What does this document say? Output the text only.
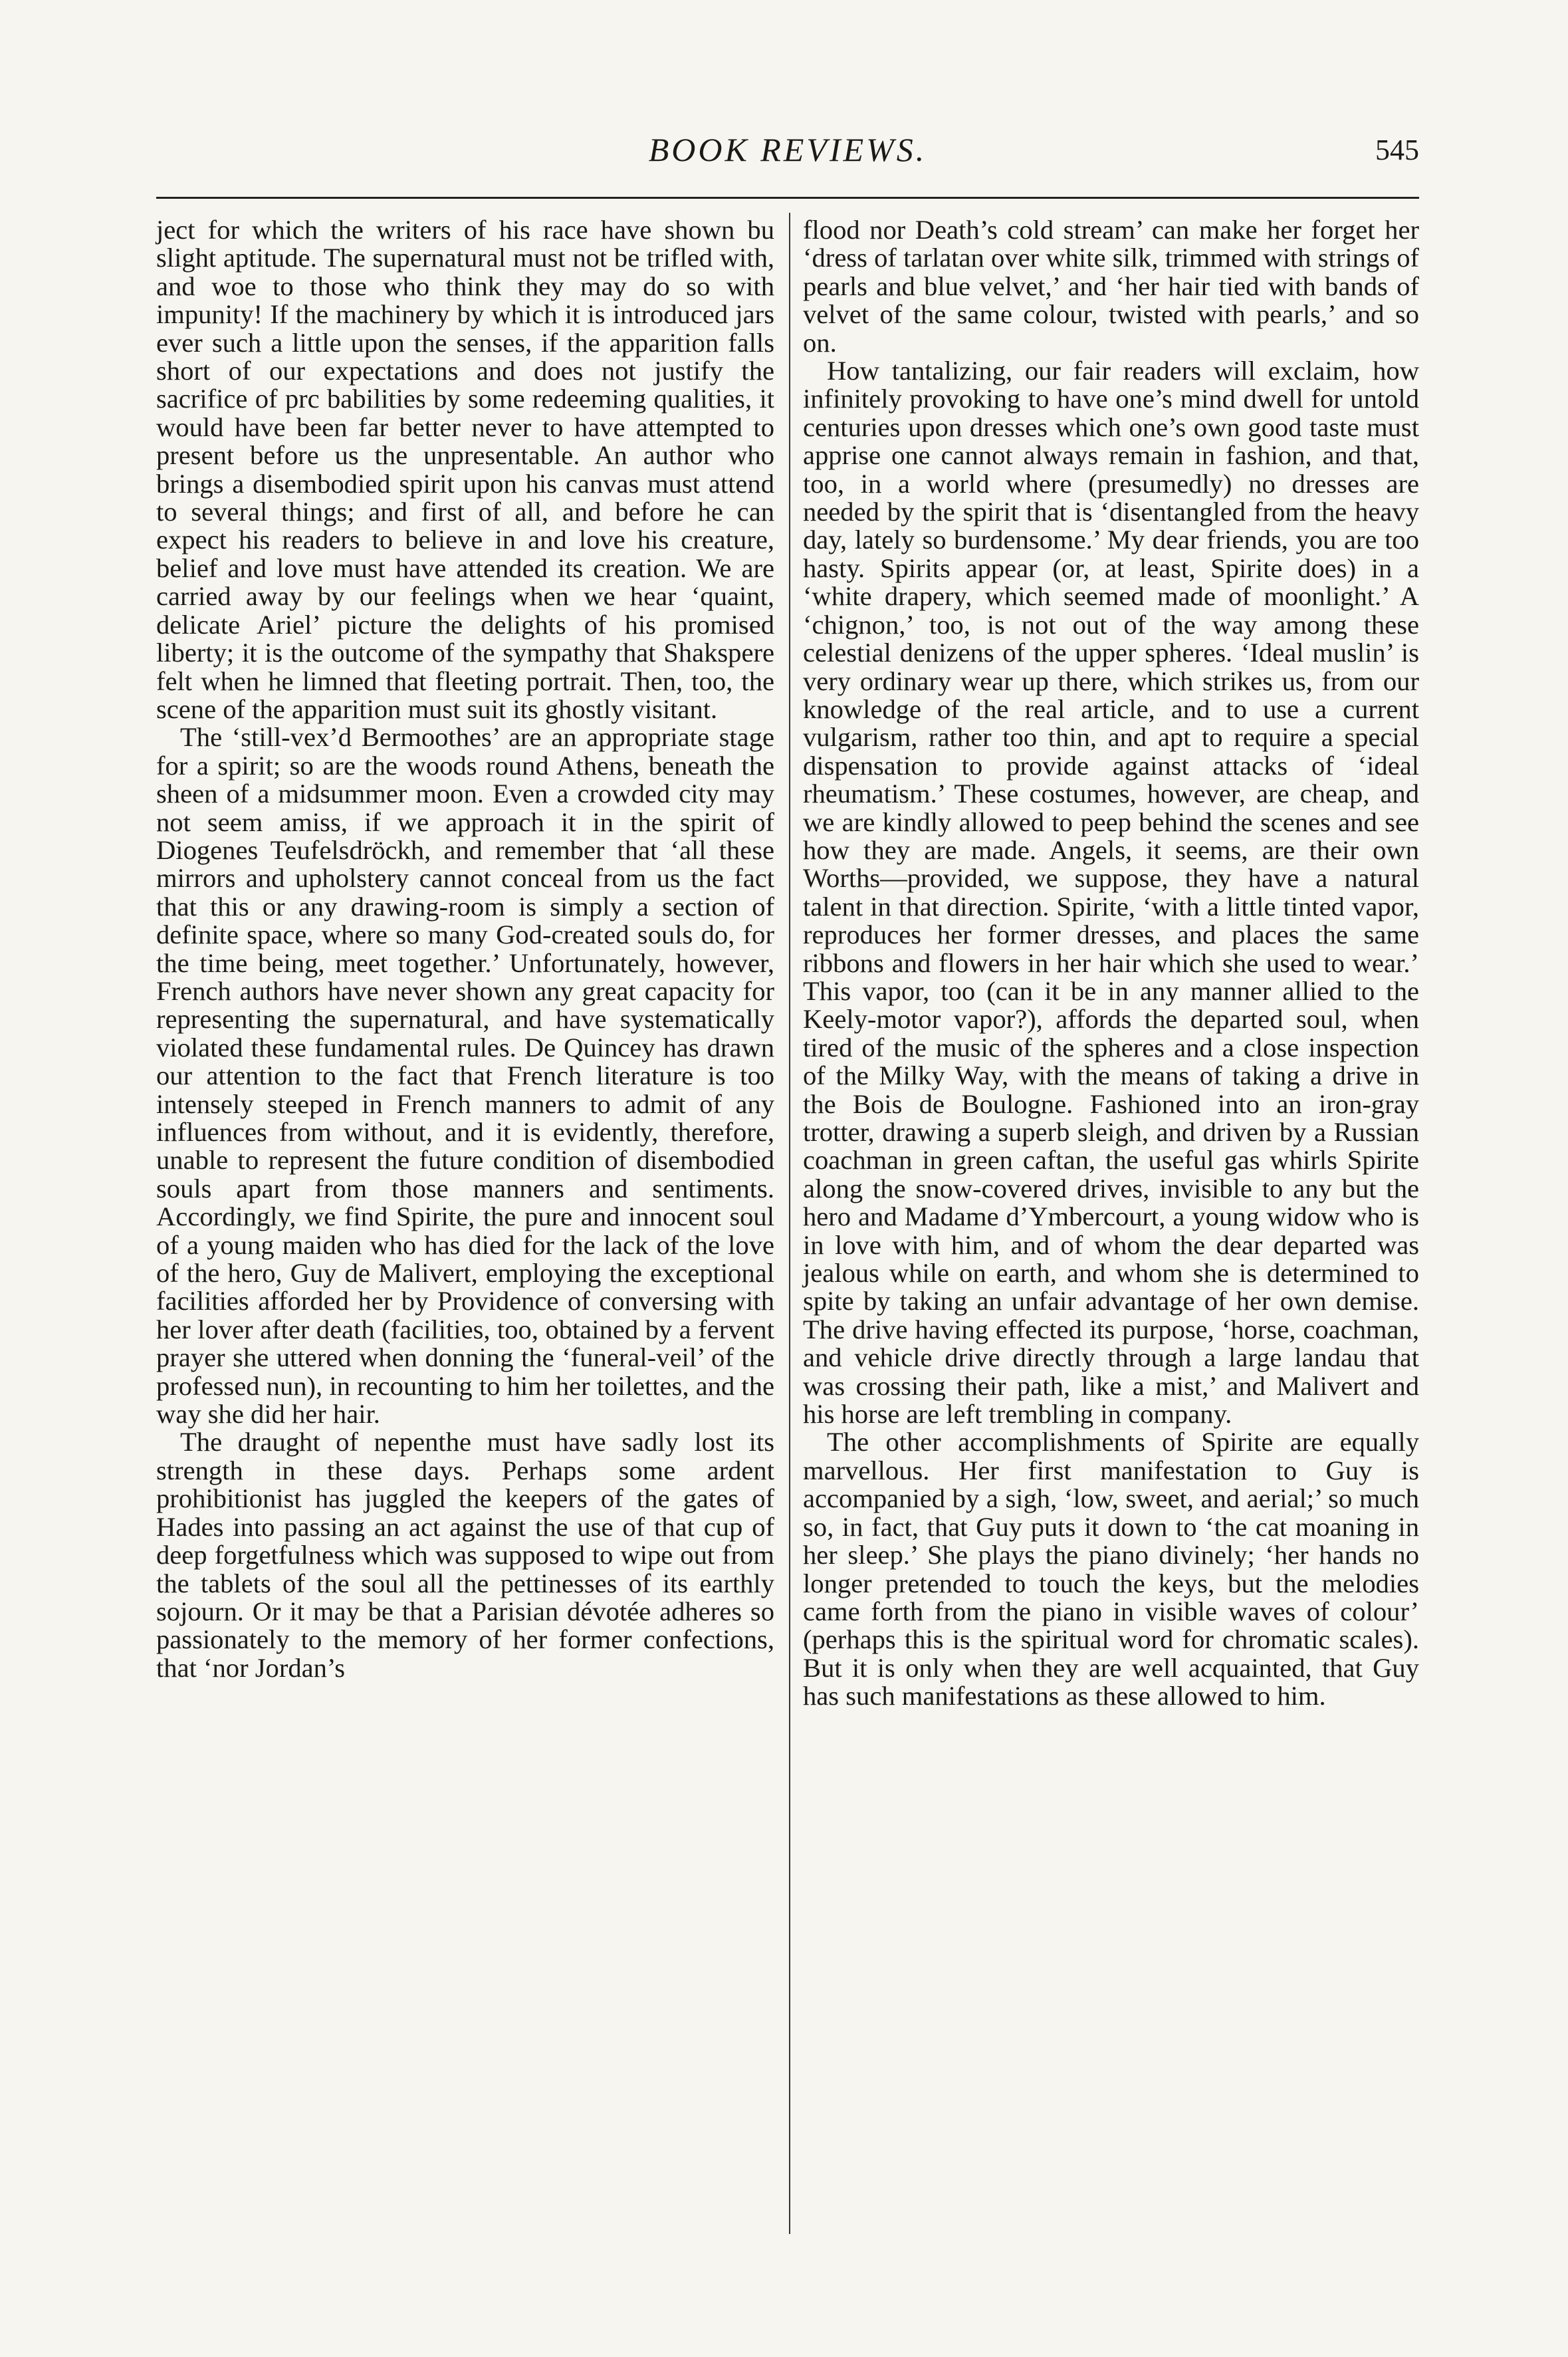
BOOK REVIEWS.	545

ject for which the writers of his race have shown bu slight aptitude. The supernatural must not be trifled with, and woe to those who think they may do so with impunity! If the machinery by which it is introduced jars ever such a little upon the senses, if the apparition falls short of our expectations and does not justify the sacrifice of prc babilities by some redeeming qualities, it would have been far better never to have attempted to present before us the unpresentable. An author who brings a disembodied spirit upon his canvas must attend to several things; and first of all, and before he can expect his readers to believe in and love his creature, belief and love must have attended its creation. We are carried away by our feelings when we hear ‘quaint, delicate Ariel’ picture the delights of his promised liberty; it is the outcome of the sympathy that Shakspere felt when he limned that fleeting portrait. Then, too, the scene of the apparition must suit its ghostly visitant.

The ‘still-vex’d Bermoothes’ are an appropriate stage for a spirit; so are the woods round Athens, beneath the sheen of a midsummer moon. Even a crowded city may not seem amiss, if we approach it in the spirit of Diogenes Teufelsdröckh, and remember that ‘all these mirrors and upholstery cannot conceal from us the fact that this or any drawing-room is simply a section of definite space, where so many God-created souls do, for the time being, meet together.’ Unfortunately, however, French authors have never shown any great capacity for representing the supernatural, and have systematically violated these fundamental rules. De Quincey has drawn our attention to the fact that French literature is too intensely steeped in French manners to admit of any influences from without, and it is evidently, therefore, unable to represent the future condition of disembodied souls apart from those manners and sentiments. Accordingly, we find Spirite, the pure and innocent soul of a young maiden who has died for the lack of the love of the hero, Guy de Malivert, employing the exceptional facilities afforded her by Providence of conversing with her lover after death (facilities, too, obtained by a fervent prayer she uttered when donning the ‘funeral-veil’ of the professed nun), in recounting to him her toilettes, and the way she did her hair.

The draught of nepenthe must have sadly lost its strength in these days. Perhaps some ardent prohibitionist has juggled the keepers of the gates of Hades into passing an act against the use of that cup of deep forgetfulness which was supposed to wipe out from the tablets of the soul all the pettinesses of its earthly sojourn. Or it may be that a Parisian dévotée adheres so passionately to the memory of her former confections, that ‘nor Jordan’s

flood nor Death’s cold stream’ can make her forget her ‘dress of tarlatan over white silk, trimmed with strings of pearls and blue velvet,’ and ‘her hair tied with bands of velvet of the same colour, twisted with pearls,’ and so on.

How tantalizing, our fair readers will exclaim, how infinitely provoking to have one’s mind dwell for untold centuries upon dresses which one’s own good taste must apprise one cannot always remain in fashion, and that, too, in a world where (presumedly) no dresses are needed by the spirit that is ‘disentangled from the heavy day, lately so burdensome.’ My dear friends, you are too hasty. Spirits appear (or, at least, Spirite does) in a ‘white drapery, which seemed made of moonlight.’ A ‘chignon,’ too, is not out of the way among these celestial denizens of the upper spheres. ‘Ideal muslin’ is very ordinary wear up there, which strikes us, from our knowledge of the real article, and to use a current vulgarism, rather too thin, and apt to require a special dispensation to provide against attacks of ‘ideal rheumatism.’ These costumes, however, are cheap, and we are kindly allowed to peep behind the scenes and see how they are made. Angels, it seems, are their own Worths—provided, we suppose, they have a natural talent in that direction. Spirite, ‘with a little tinted vapor, reproduces her former dresses, and places the same ribbons and flowers in her hair which she used to wear.’ This vapor, too (can it be in any manner allied to the Keely-motor vapor?), affords the departed soul, when tired of the music of the spheres and a close inspection of the Milky Way, with the means of taking a drive in the Bois de Boulogne. Fashioned into an iron-gray trotter, drawing a superb sleigh, and driven by a Russian coachman in green caftan, the useful gas whirls Spirite along the snow-covered drives, invisible to any but the hero and Madame d’Ymbercourt, a young widow who is in love with him, and of whom the dear departed was jealous while on earth, and whom she is determined to spite by taking an unfair advantage of her own demise. The drive having effected its purpose, ‘horse, coachman, and vehicle drive directly through a large landau that was crossing their path, like a mist,’ and Malivert and his horse are left trembling in company.

The other accomplishments of Spirite are equally marvellous. Her first manifestation to Guy is accompanied by a sigh, ‘low, sweet, and aerial;’ so much so, in fact, that Guy puts it down to ‘the cat moaning in her sleep.’ She plays the piano divinely; ‘her hands no longer pretended to touch the keys, but the melodies came forth from the piano in visible waves of colour’ (perhaps this is the spiritual word for chromatic scales). But it is only when they are well acquainted, that Guy has such manifestations as these allowed to him.
